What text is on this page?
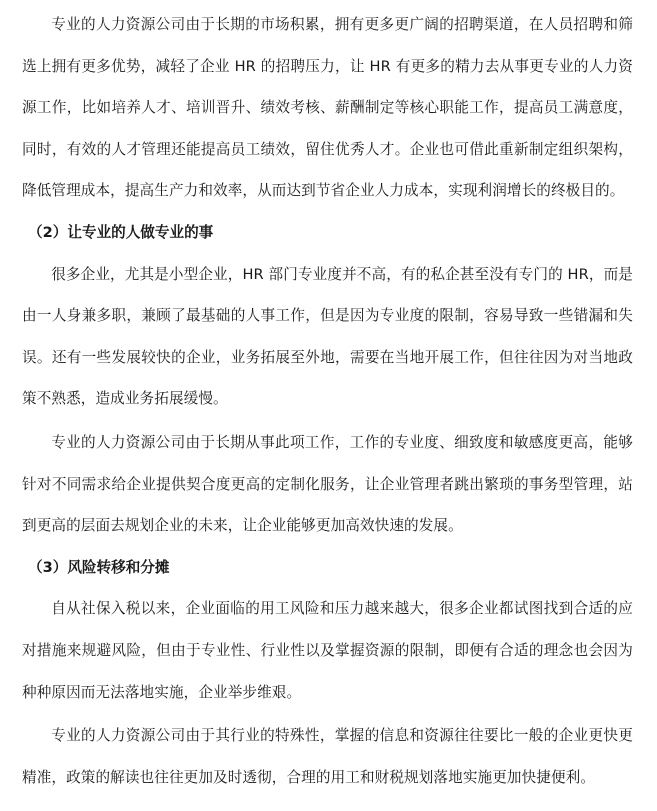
专业的人力资源公司由于长期的市场积累，拥有更多更广阔的招聘渠道，在人员招聘和筛选上拥有更多优势，减轻了企业 HR 的招聘压力，让 HR 有更多的精力去从事更专业的人力资源工作，比如培养人才、培训晋升、绩效考核、薪酬制定等核心职能工作，提高员工满意度，同时，有效的人才管理还能提高员工绩效，留住优秀人才。企业也可借此重新制定组织架构，降低管理成本，提高生产力和效率，从而达到节省企业人力成本，实现利润增长的终极目的。

（2）让专业的人做专业的事

很多企业，尤其是小型企业，HR 部门专业度并不高，有的私企甚至没有专门的 HR，而是由一人身兼多职，兼顾了最基础的人事工作，但是因为专业度的限制，容易导致一些错漏和失误。还有一些发展较快的企业，业务拓展至外地，需要在当地开展工作，但往往因为对当地政策不熟悉，造成业务拓展缓慢。

专业的人力资源公司由于长期从事此项工作，工作的专业度、细致度和敏感度更高，能够针对不同需求给企业提供契合度更高的定制化服务，让企业管理者跳出繁琐的事务型管理，站到更高的层面去规划企业的未来，让企业能够更加高效快速的发展。

（3）风险转移和分摊

自从社保入税以来，企业面临的用工风险和压力越来越大，很多企业都试图找到合适的应对措施来规避风险，但由于专业性、行业性以及掌握资源的限制，即便有合适的理念也会因为种种原因而无法落地实施，企业举步维艰。

专业的人力资源公司由于其行业的特殊性，掌握的信息和资源往往要比一般的企业更快更精准，政策的解读也往往更加及时透彻，合理的用工和财税规划落地实施更加快捷便利。
